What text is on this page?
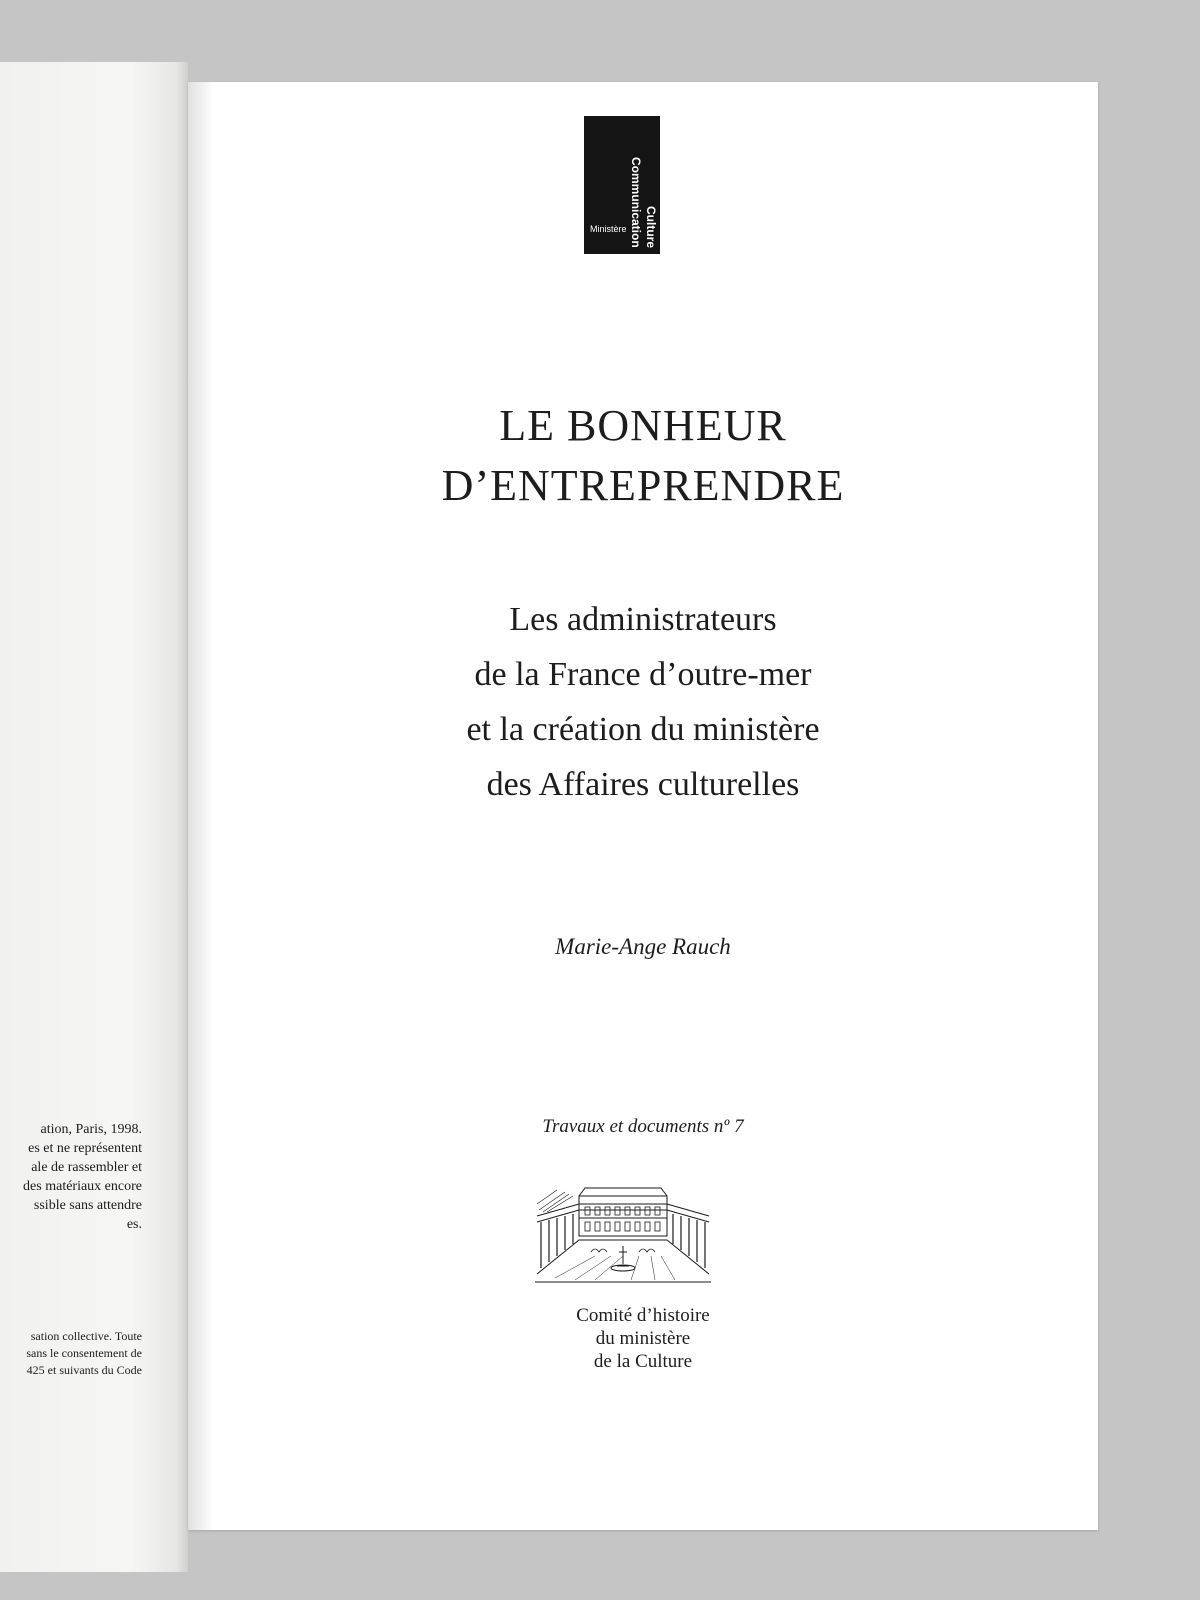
ation, Paris, 1998.
es et ne représentent
ale de rassembler et
des matériaux encore
ssible sans attendre
es.
sation collective. Toute
sans le consentement de
425 et suivants du Code
Culture
Communication
Ministère
LE BONHEUR
D’ENTREPRENDRE
Les administrateurs
de la France d’outre-mer
et la création du ministère
des Affaires culturelles
Marie-Ange Rauch
Travaux et documents nº 7
Comité d’histoire
du ministère
de la Culture
